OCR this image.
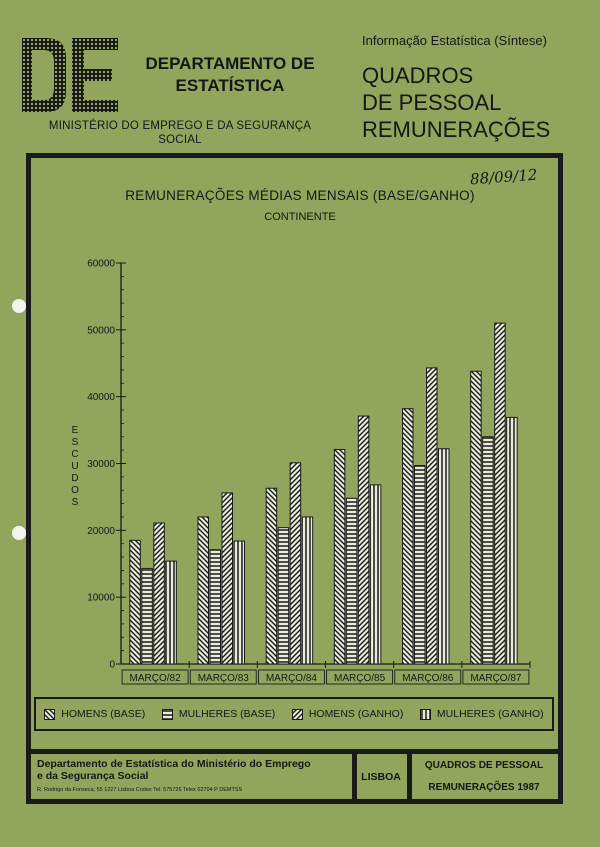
DEPARTAMENTO DE ESTATÍSTICA
MINISTÉRIO DO EMPREGO E DA SEGURANÇA SOCIAL
Informação Estatística (Síntese)
QUADROS
DE PESSOAL
REMUNERAÇÕES
88/09/12
REMUNERAÇÕES MÉDIAS MENSAIS (BASE/GANHO)
CONTINENTE
0
10000
20000
30000
40000
50000
60000
E
S
C
U
D
O
S
MARÇO/82 MARÇO/83 MARÇO/84 MARÇO/85 MARÇO/86 MARÇO/87
HOMENS (BASE)	MULHERES (BASE)	HOMENS (GANHO)	MULHERES (GANHO)
Departamento de Estatística do Ministério do Emprego
e da Segurança Social
R. Rodrigo da Fonseca, 55 1227 Lisboa Codex Tel. 575726 Telex 62704 P DEMTSS
LISBOA
QUADROS DE PESSOAL
REMUNERAÇÕES 1987
